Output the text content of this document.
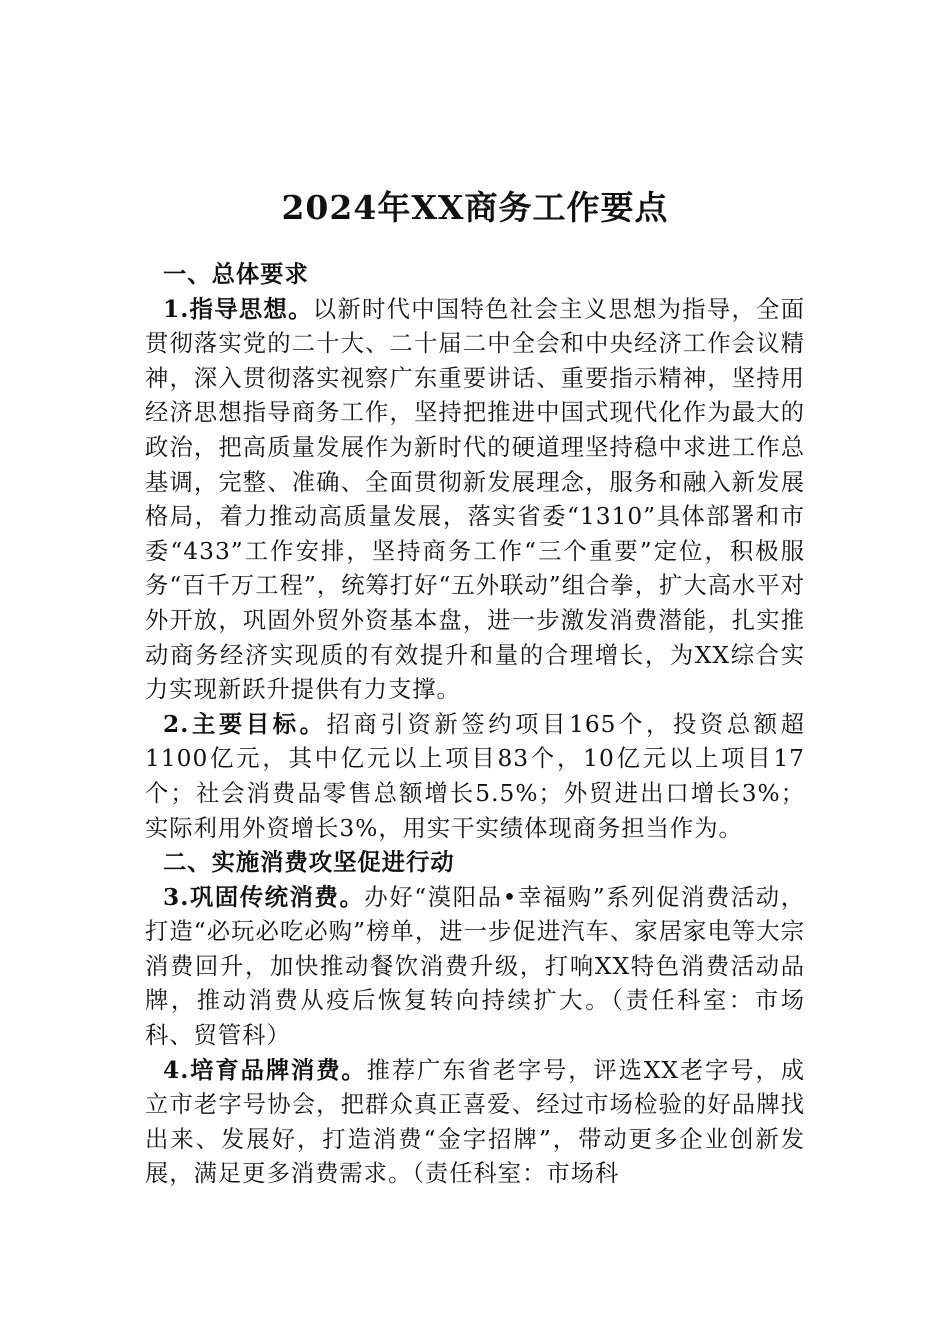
2024年XX商务工作要点

一、总体要求

1.指导思想。以新时代中国特色社会主义思想为指导，全面贯彻落实党的二十大、二十届二中全会和中央经济工作会议精神，深入贯彻落实视察广东重要讲话、重要指示精神，坚持用经济思想指导商务工作，坚持把推进中国式现代化作为最大的政治，把高质量发展作为新时代的硬道理坚持稳中求进工作总基调，完整、准确、全面贯彻新发展理念，服务和融入新发展格局，着力推动高质量发展，落实省委“1310”具体部署和市委“433”工作安排，坚持商务工作“三个重要”定位，积极服务“百千万工程”，统筹打好“五外联动”组合拳，扩大高水平对外开放，巩固外贸外资基本盘，进一步激发消费潜能，扎实推动商务经济实现质的有效提升和量的合理增长，为XX综合实力实现新跃升提供有力支撑。

2.主要目标。招商引资新签约项目165个，投资总额超1100亿元，其中亿元以上项目83个，10亿元以上项目17个；社会消费品零售总额增长5.5%；外贸进出口增长3%；实际利用外资增长3%，用实干实绩体现商务担当作为。

二、实施消费攻坚促进行动

3.巩固传统消费。办好“漠阳品•幸福购”系列促消费活动，打造“必玩必吃必购”榜单，进一步促进汽车、家居家电等大宗消费回升，加快推动餐饮消费升级，打响XX特色消费活动品牌，推动消费从疫后恢复转向持续扩大。（责任科室：市场科、贸管科）

4.培育品牌消费。推荐广东省老字号，评选XX老字号，成立市老字号协会，把群众真正喜爱、经过市场检验的好品牌找出来、发展好，打造消费“金字招牌”，带动更多企业创新发展，满足更多消费需求。（责任科室：市场科
